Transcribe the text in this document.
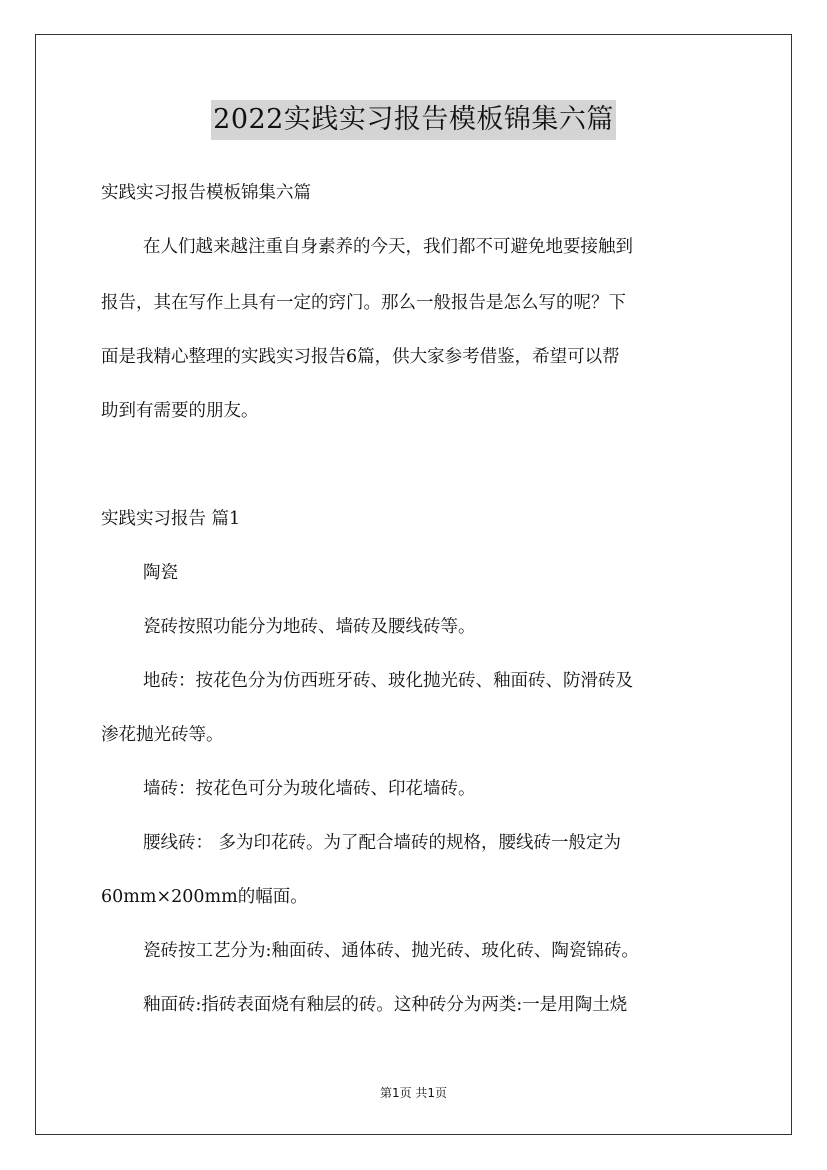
2022实践实习报告模板锦集六篇
实践实习报告模板锦集六篇
在人们越来越注重自身素养的今天，我们都不可避免地要接触到
报告，其在写作上具有一定的窍门。那么一般报告是怎么写的呢？下
面是我精心整理的实践实习报告6篇，供大家参考借鉴，希望可以帮
助到有需要的朋友。
实践实习报告 篇1
陶瓷
瓷砖按照功能分为地砖、墙砖及腰线砖等。
地砖：按花色分为仿西班牙砖、玻化抛光砖、釉面砖、防滑砖及
渗花抛光砖等。
墙砖：按花色可分为玻化墙砖、印花墙砖。
腰线砖： 多为印花砖。为了配合墙砖的规格，腰线砖一般定为
60mm×200mm的幅面。
瓷砖按工艺分为:釉面砖、通体砖、抛光砖、玻化砖、陶瓷锦砖。
釉面砖:指砖表面烧有釉层的砖。这种砖分为两类:一是用陶土烧
第1页 共1页
